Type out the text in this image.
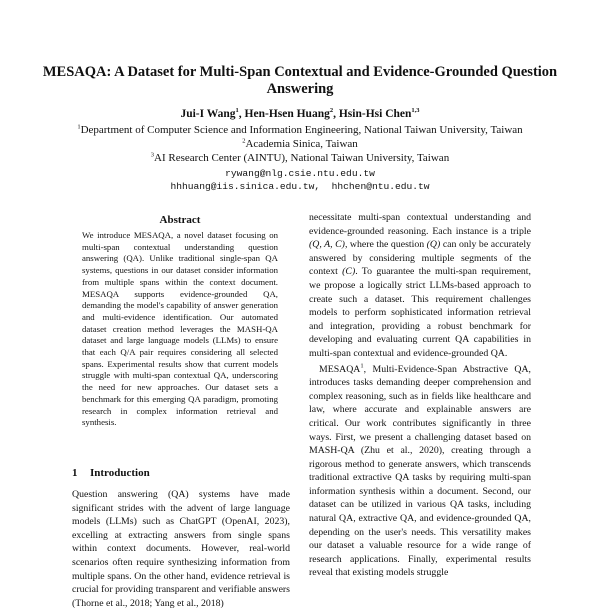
MESAQA: A Dataset for Multi-Span Contextual and Evidence-Grounded Question Answering
Jui-I Wang$^1$, Hen-Hsen Huang$^2$, Hsin-Hsi Chen$^{1,3}$
$^1$Department of Computer Science and Information Engineering, National Taiwan University, Taiwan
$^2$Academia Sinica, Taiwan
$^3$AI Research Center (AINTU), National Taiwan University, Taiwan
rywang@nlg.csie.ntu.edu.tw
hhhuang@iis.sinica.edu.tw,  hhchen@ntu.edu.tw
Abstract
We introduce MESAQA, a novel dataset focusing on multi-span contextual understanding question answering (QA). Unlike traditional single-span QA systems, questions in our dataset consider information from multiple spans within the context document. MESAQA supports evidence-grounded QA, demanding the model's capability of answer generation and multi-evidence identification. Our automated dataset creation method leverages the MASH-QA dataset and large language models (LLMs) to ensure that each Q/A pair requires considering all selected spans. Experimental results show that current models struggle with multi-span contextual QA, underscoring the need for new approaches. Our dataset sets a benchmark for this emerging QA paradigm, promoting research in complex information retrieval and synthesis.
1 Introduction
Question answering (QA) systems have made significant strides with the advent of large language models (LLMs) such as ChatGPT (OpenAI, 2023), excelling at extracting answers from single spans within context documents. However, real-world scenarios often require synthesizing information from multiple spans. On the other hand, evidence retrieval is crucial for providing transparent and verifiable answers (Thorne et al., 2018; Yang et al., 2018)

necessitate multi-span contextual understanding and evidence-grounded reasoning. Each instance is a triple (Q, A, C), where the question (Q) can only be accurately answered by considering multiple segments of the context (C). To guarantee the multi-span requirement, we propose a logically strict LLMs-based approach to create such a dataset. This requirement challenges models to perform sophisticated information retrieval and integration, providing a robust benchmark for developing and evaluating current QA capabilities in multi-span contextual and evidence-grounded QA.

MESAQA$^1$, Multi-Evidence-Span Abstractive QA, introduces tasks demanding deeper comprehension and complex reasoning, such as in fields like healthcare and law, where accurate and explainable answers are critical. Our work contributes significantly in three ways. First, we present a challenging dataset based on MASH-QA (Zhu et al., 2020), creating through a rigorous method to generate answers, which transcends traditional extractive QA tasks by requiring multi-span information synthesis within a document. Second, our dataset can be utilized in various QA tasks, including natural QA, extractive QA, and evidence-grounded QA, depending on the user's needs. This versatility makes our dataset a valuable resource for a wide range of research applications. Finally, experimental results reveal that existing models struggle
